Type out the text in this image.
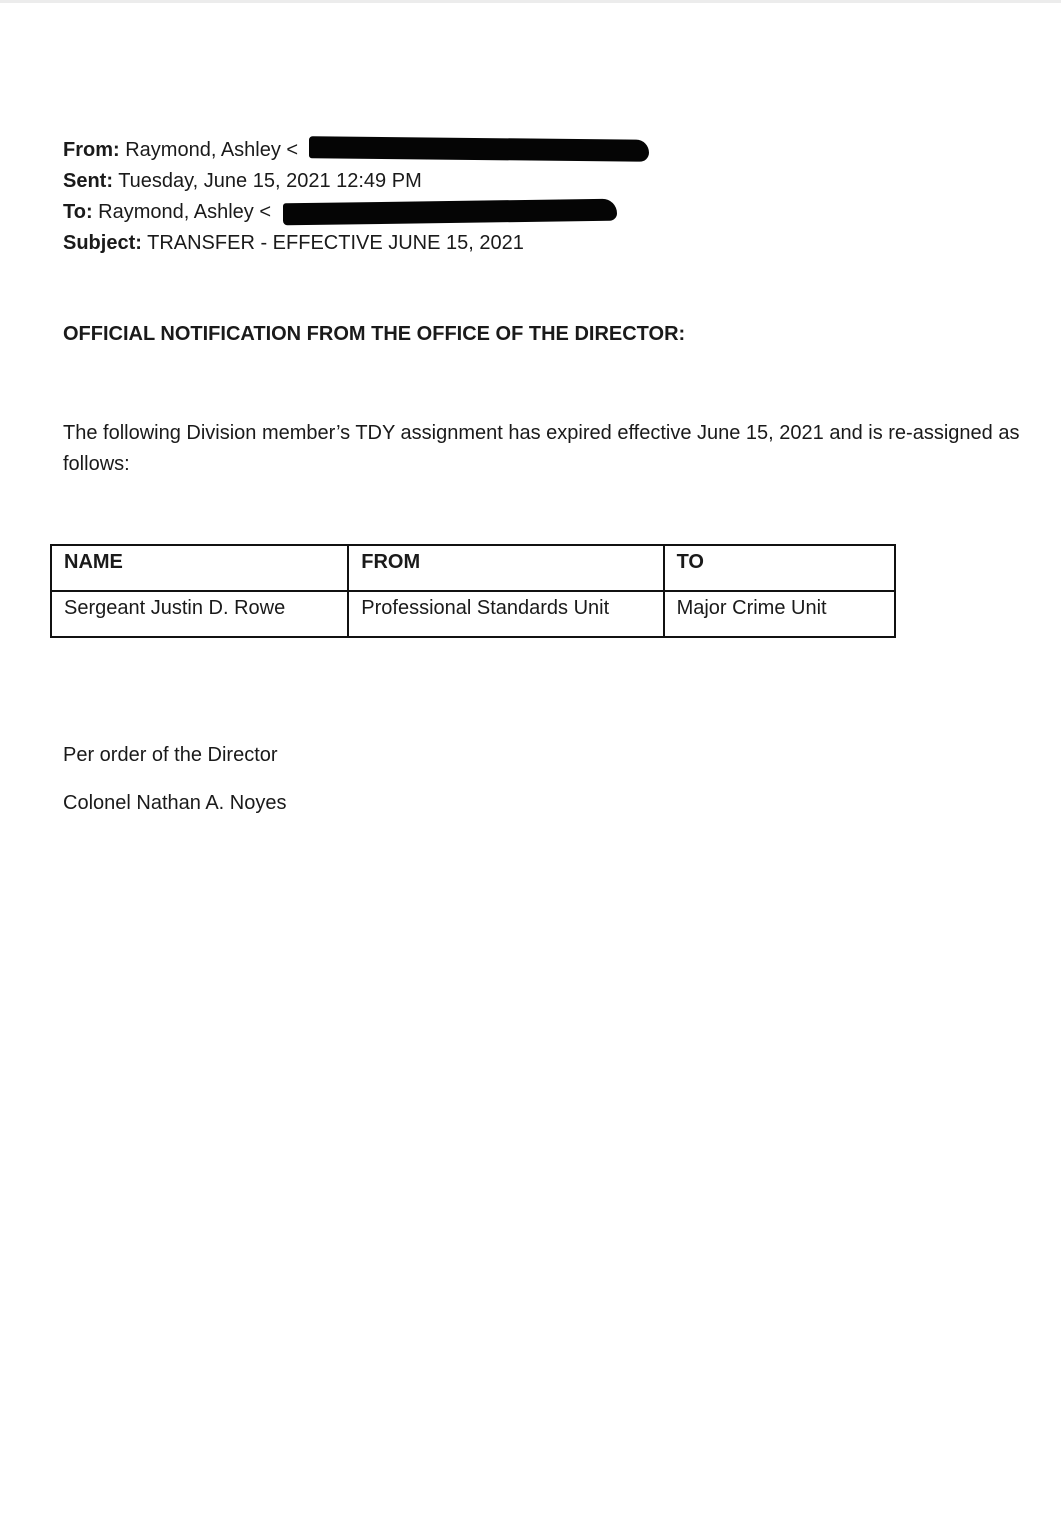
From: Raymond, Ashley <
Sent: Tuesday, June 15, 2021 12:49 PM
To: Raymond, Ashley <
Subject: TRANSFER - EFFECTIVE JUNE 15, 2021
OFFICIAL NOTIFICATION FROM THE OFFICE OF THE DIRECTOR:
The following Division member’s TDY assignment has expired effective June 15, 2021 and is re-assigned as follows:
NAME	FROM	TO
Sergeant Justin D. Rowe	Professional Standards Unit	Major Crime Unit
Per order of the Director
Colonel Nathan A. Noyes
